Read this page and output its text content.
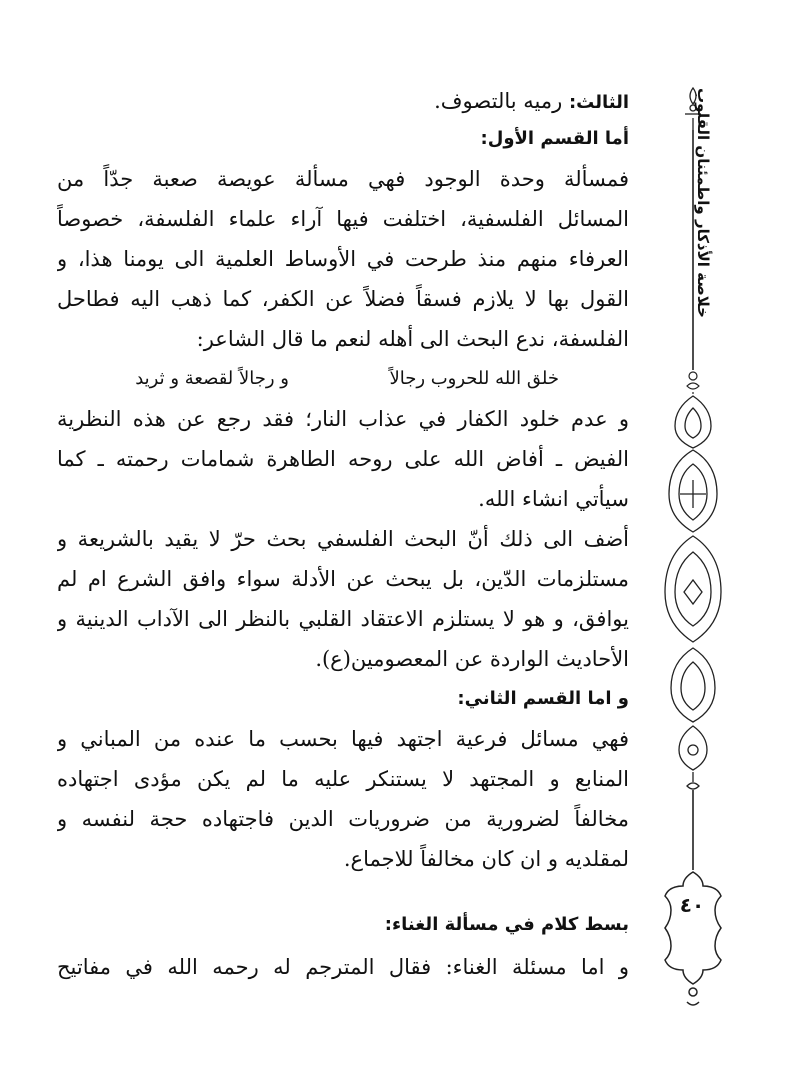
خلاصة الأذكار واطمئنان القلوب
٤٠
الثالث: رميه بالتصوف.
أما القسم الأول:
فمسألة وحدة الوجود فهي مسألة عويصة صعبة جدّاً من
المسائل الفلسفية، اختلفت فيها آراء علماء الفلسفة، خصوصاً
العرفاء منهم منذ طرحت في الأوساط العلمية الى يومنا هذا، و
القول بها لا يلازم فسقاً فضلاً عن الكفر، كما ذهب اليه فطاحل
الفلسفة، ندع البحث الى أهله لنعم ما قال الشاعر:
خلق الله للحروب رجالاً
و رجالاً لقصعة و ثريد
و عدم خلود الكفار في عذاب النار؛ فقد رجع عن هذه النظرية
الفيض ـ أفاض الله على روحه الطاهرة شمامات رحمته ـ كما
سيأتي انشاء الله.
أضف الى ذلك أنّ البحث الفلسفي بحث حرّ لا يقيد بالشريعة و
مستلزمات الدّين، بل يبحث عن الأدلة سواء وافق الشرع ام لم
يوافق، و هو لا يستلزم الاعتقاد القلبي بالنظر الى الآداب الدينية و
الأحاديث الواردة عن المعصومين(ع).
و اما القسم الثاني:
فهي مسائل فرعية اجتهد فيها بحسب ما عنده من المباني و
المنابع و المجتهد لا يستنكر عليه ما لم يكن مؤدى اجتهاده
مخالفاً لضرورية من ضروريات الدين فاجتهاده حجة لنفسه و
لمقلديه و ان كان مخالفاً للاجماع.
بسط كلام في مسألة الغناء:
و اما مسئلة الغناء: فقال المترجم له رحمه الله في مفاتيح
